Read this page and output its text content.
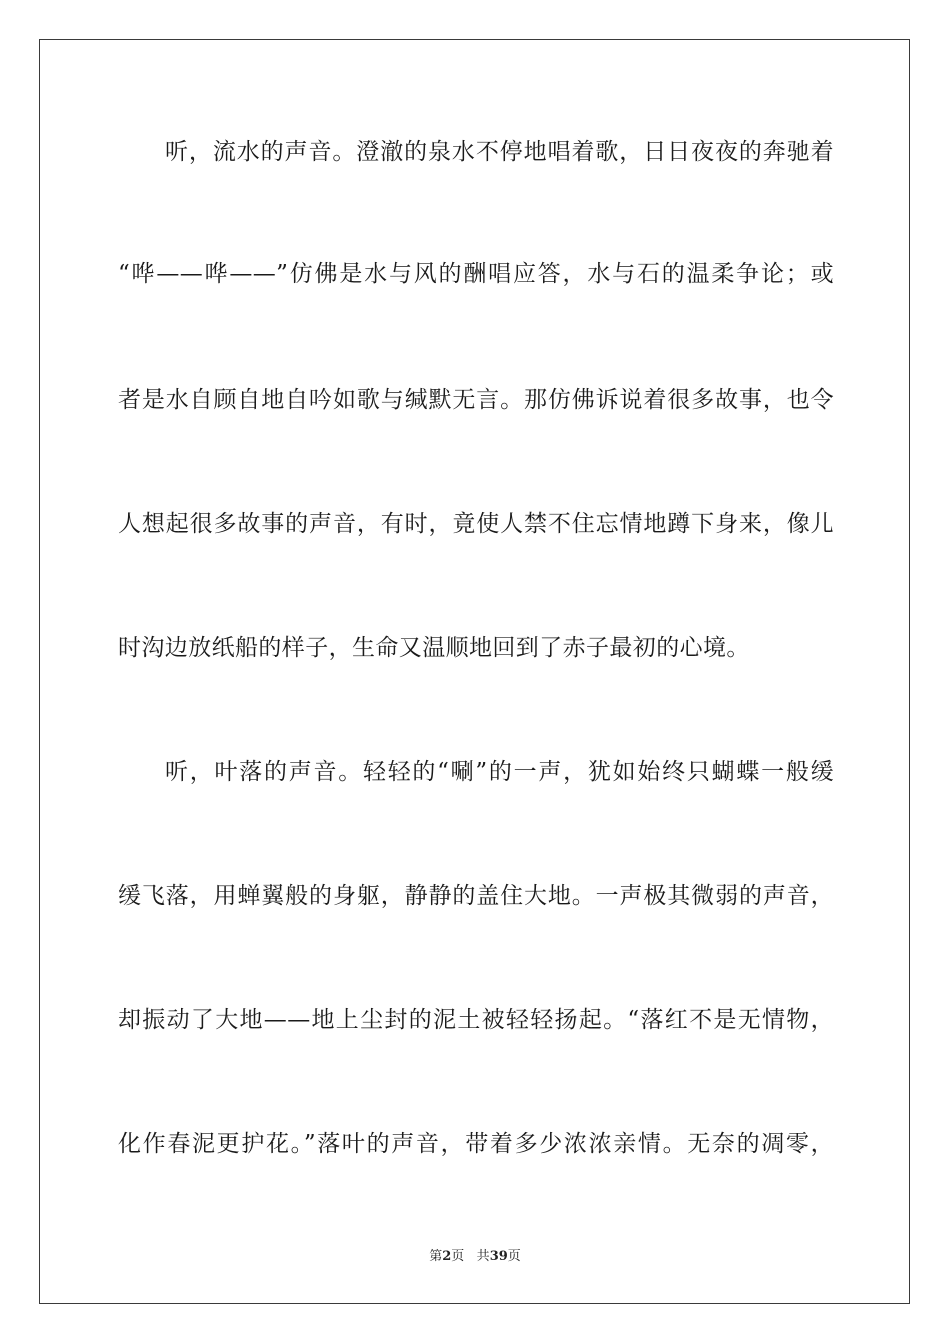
听，流水的声音。澄澈的泉水不停地唱着歌，日日夜夜的奔驰着
“哗——哗——”仿佛是水与风的酬唱应答，水与石的温柔争论；或
者是水自顾自地自吟如歌与缄默无言。那仿佛诉说着很多故事，也令
人想起很多故事的声音，有时，竟使人禁不住忘情地蹲下身来，像儿
时沟边放纸船的样子，生命又温顺地回到了赤子最初的心境。
听，叶落的声音。轻轻的“唰”的一声，犹如始终只蝴蝶一般缓
缓飞落，用蝉翼般的身躯，静静的盖住大地。一声极其微弱的声音，
却振动了大地——地上尘封的泥土被轻轻扬起。“落红不是无情物，
化作春泥更护花。”落叶的声音，带着多少浓浓亲情。无奈的凋零，
第2页 共39页
